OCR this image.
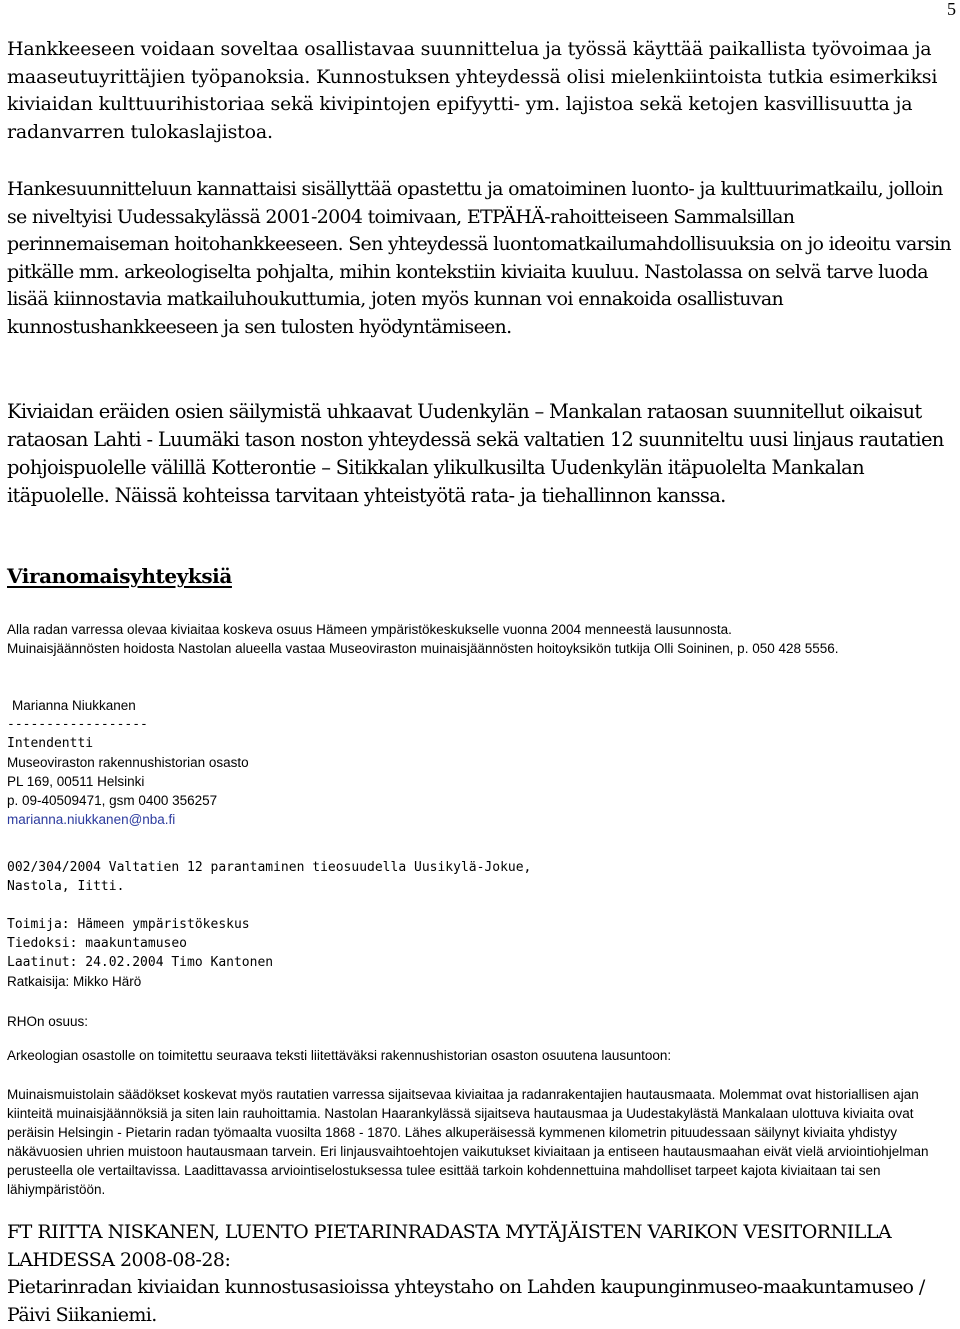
5

Hankkeeseen voidaan soveltaa osallistavaa suunnittelua ja työssä käyttää paikallista työvoimaa ja maaseutuyrittäjien työpanoksia. Kunnostuksen yhteydessä olisi mielenkiintoista tutkia esimerkiksi kiviaidan kulttuurihistoriaa sekä kivipintojen epifyytti- ym. lajistoa sekä ketojen kasvillisuutta ja radanvarren tulokaslajistoa.

Hankesuunnitteluun kannattaisi sisällyttää opastettu ja omatoiminen luonto- ja kulttuurimatkailu, jolloin se niveltyisi Uudessakylässä 2001-2004 toimivaan, ETPÄHÄ-rahoitteiseen Sammalsillan perinnemaiseman hoitohankkeeseen. Sen yhteydessä luontomatkailumahdollisuuksia on jo ideoitu varsin pitkälle mm. arkeologiselta pohjalta, mihin kontekstiin kiviaita kuuluu. Nastolassa on selvä tarve luoda lisää kiinnostavia matkailuhoukuttumia, joten myös kunnan voi ennakoida osallistuvan kunnostushankkeeseen ja sen tulosten hyödyntämiseen.

Kiviaidan eräiden osien säilymistä uhkaavat Uudenkylän – Mankalan rataosan suunnitellut oikaisut rataosan Lahti - Luumäki tason noston yhteydessä sekä valtatien 12 suunniteltu uusi linjaus rautatien pohjoispuolelle välillä Kotterontie – Sitikkalan ylikulkusilta Uudenkylän itäpuolelta Mankalan itäpuolelle. Näissä kohteissa tarvitaan yhteistyötä rata- ja tiehallinnon kanssa.

Viranomaisyhteyksiä

Alla radan varressa olevaa kiviaitaa koskeva osuus Hämeen ympäristökeskukselle vuonna 2004 menneestä lausunnosta.

Muinaisjäännösten hoidosta Nastolan alueella vastaa Museoviraston muinaisjäännösten hoitoyksikön tutkija Olli Soininen, p. 050 428 5556.

Marianna Niukkanen

------------------

Intendentti

Museoviraston rakennushistorian osasto

PL 169, 00511 Helsinki

p. 09-40509471, gsm 0400 356257

marianna.niukkanen@nba.fi

002/304/2004 Valtatien 12 parantaminen tieosuudella Uusikylä-Jokue,

Nastola, Iitti.

Toimija: Hämeen ympäristökeskus

Tiedoksi: maakuntamuseo

Laatinut: 24.02.2004 Timo Kantonen

Ratkaisija: Mikko Härö

RHOn osuus:

Arkeologian osastolle on toimitettu seuraava teksti liitettäväksi rakennushistorian osaston osuutena lausuntoon:

Muinaismuistolain säädökset koskevat myös rautatien varressa sijaitsevaa kiviaitaa ja radanrakentajien hautausmaata. Molemmat ovat historiallisen ajan kiinteitä muinaisjäännöksiä ja siten lain rauhoittamia. Nastolan Haarankylässä sijaitseva hautausmaa ja Uudestakylästä Mankalaan ulottuva kiviaita ovat peräisin Helsingin - Pietarin radan työmaalta vuosilta 1868 - 1870. Lähes alkuperäisessä kymmenen kilometrin pituudessaan säilynyt kiviaita yhdistyy näkävuosien uhrien muistoon hautausmaan tarvein. Eri linjausvaihtoehtojen vaikutukset kiviaitaan ja entiseen hautausmaahan eivät vielä arviointiohjelman perusteella ole vertailtavissa. Laadittavassa arviointiselostuksessa tulee esittää tarkoin kohdennettuina mahdolliset tarpeet kajota kiviaitaan tai sen lähiympäristöön.

FT RIITTA NISKANEN, LUENTO PIETARINRADASTA MYTÄJÄISTEN VARIKON VESITORNILLA LAHDESSA 2008-08-28:

Pietarinradan kiviaidan kunnostusasioissa yhteystaho on Lahden kaupunginmuseo-maakuntamuseo / Päivi Siikaniemi.
